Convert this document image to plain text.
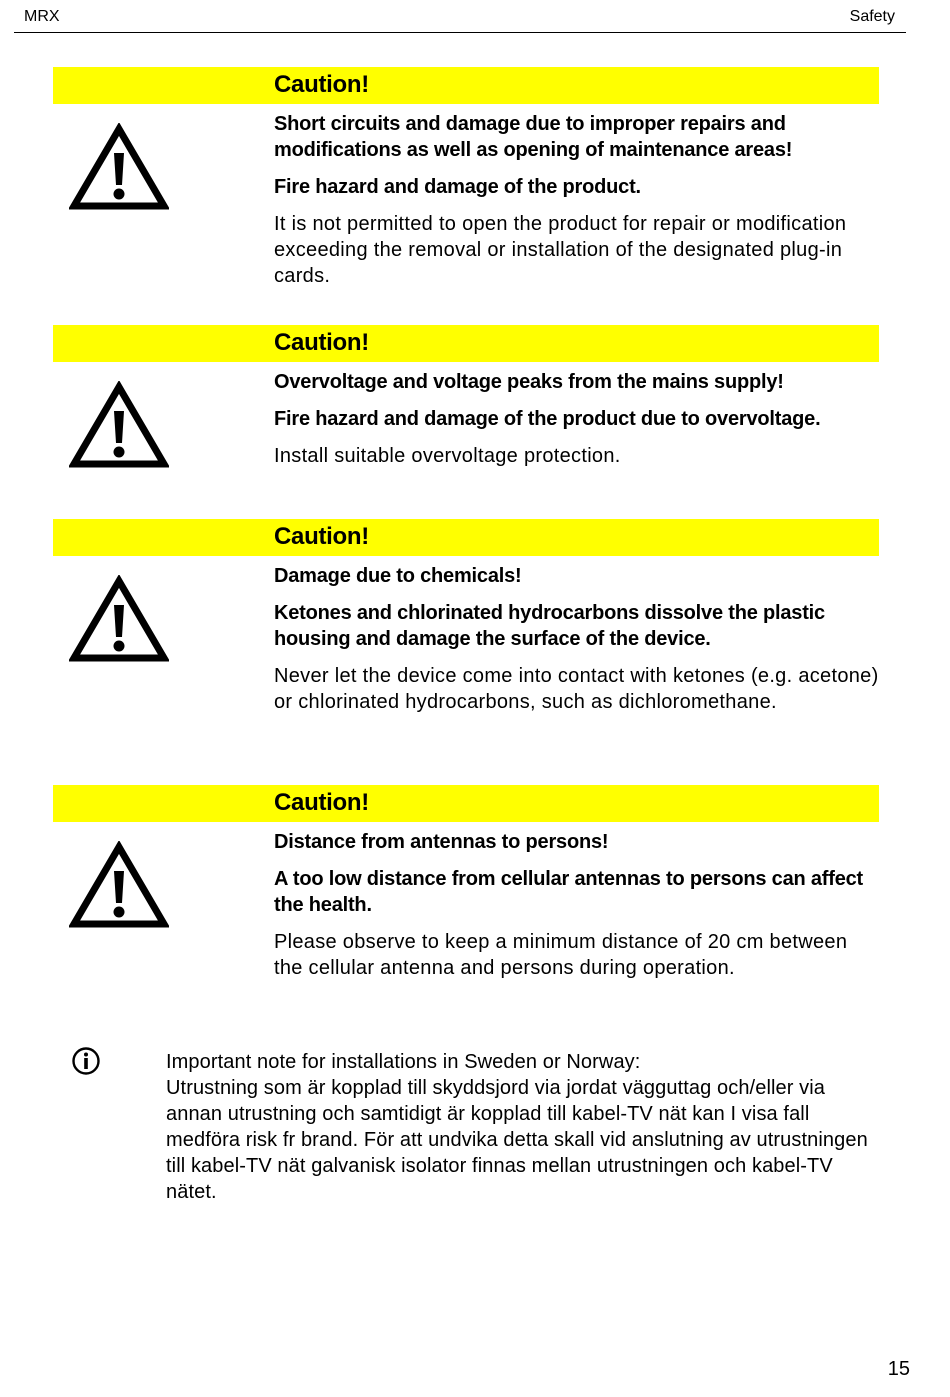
MRX	Safety
Caution!

Short circuits and damage due to improper repairs and modifications as well as opening of maintenance areas!

Fire hazard and damage of the product.

It is not permitted to open the product for repair or modification exceeding the removal or installation of the designated plug-in cards.

Caution!

Overvoltage and voltage peaks from the mains supply!

Fire hazard and damage of the product due to overvoltage.

Install suitable overvoltage protection.

Caution!

Damage due to chemicals!

Ketones and chlorinated hydrocarbons dissolve the plastic housing and damage the surface of the device.

Never let the device come into contact with ketones (e.g. acetone) or chlorinated hydrocarbons, such as dichloromethane.

Caution!

Distance from antennas to persons!

A too low distance from cellular antennas to persons can affect the health.

Please observe to keep a minimum distance of 20 cm between the cellular antenna and persons during operation.

Important note for installations in Sweden or Norway:
Utrustning som är kopplad till skyddsjord via jordat vägguttag och/eller via annan utrustning och samtidigt är kopplad till kabel-TV nät kan I visa fall medföra risk fr brand. För att undvika detta skall vid anslutning av utrustningen till kabel-TV nät galvanisk isolator finnas mellan utrustningen och kabel-TV nätet.
15
